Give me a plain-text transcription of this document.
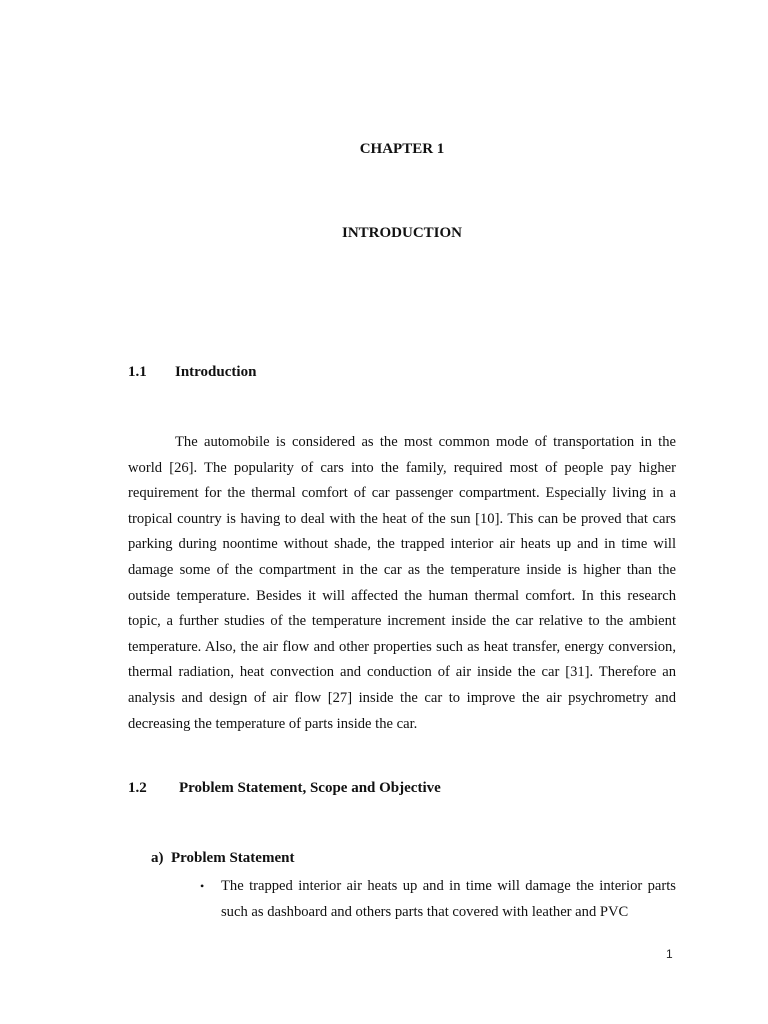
CHAPTER 1
INTRODUCTION
1.1 Introduction

The automobile is considered as the most common mode of transportation in the world [26]. The popularity of cars into the family, required most of people pay higher requirement for the thermal comfort of car passenger compartment. Especially living in a tropical country is having to deal with the heat of the sun [10]. This can be proved that cars parking during noontime without shade, the trapped interior air heats up and in time will damage some of the compartment in the car as the temperature inside is higher than the outside temperature. Besides it will affected the human thermal comfort. In this research topic, a further studies of the temperature increment inside the car relative to the ambient temperature. Also, the air flow and other properties such as heat transfer, energy conversion, thermal radiation, heat convection and conduction of air inside the car [31]. Therefore an analysis and design of air flow [27] inside the car to improve the air psychrometry and decreasing the temperature of parts inside the car.

1.2 Problem Statement, Scope and Objective
a) Problem Statement
• The trapped interior air heats up and in time will damage the interior parts such as dashboard and others parts that covered with leather and PVC
1
